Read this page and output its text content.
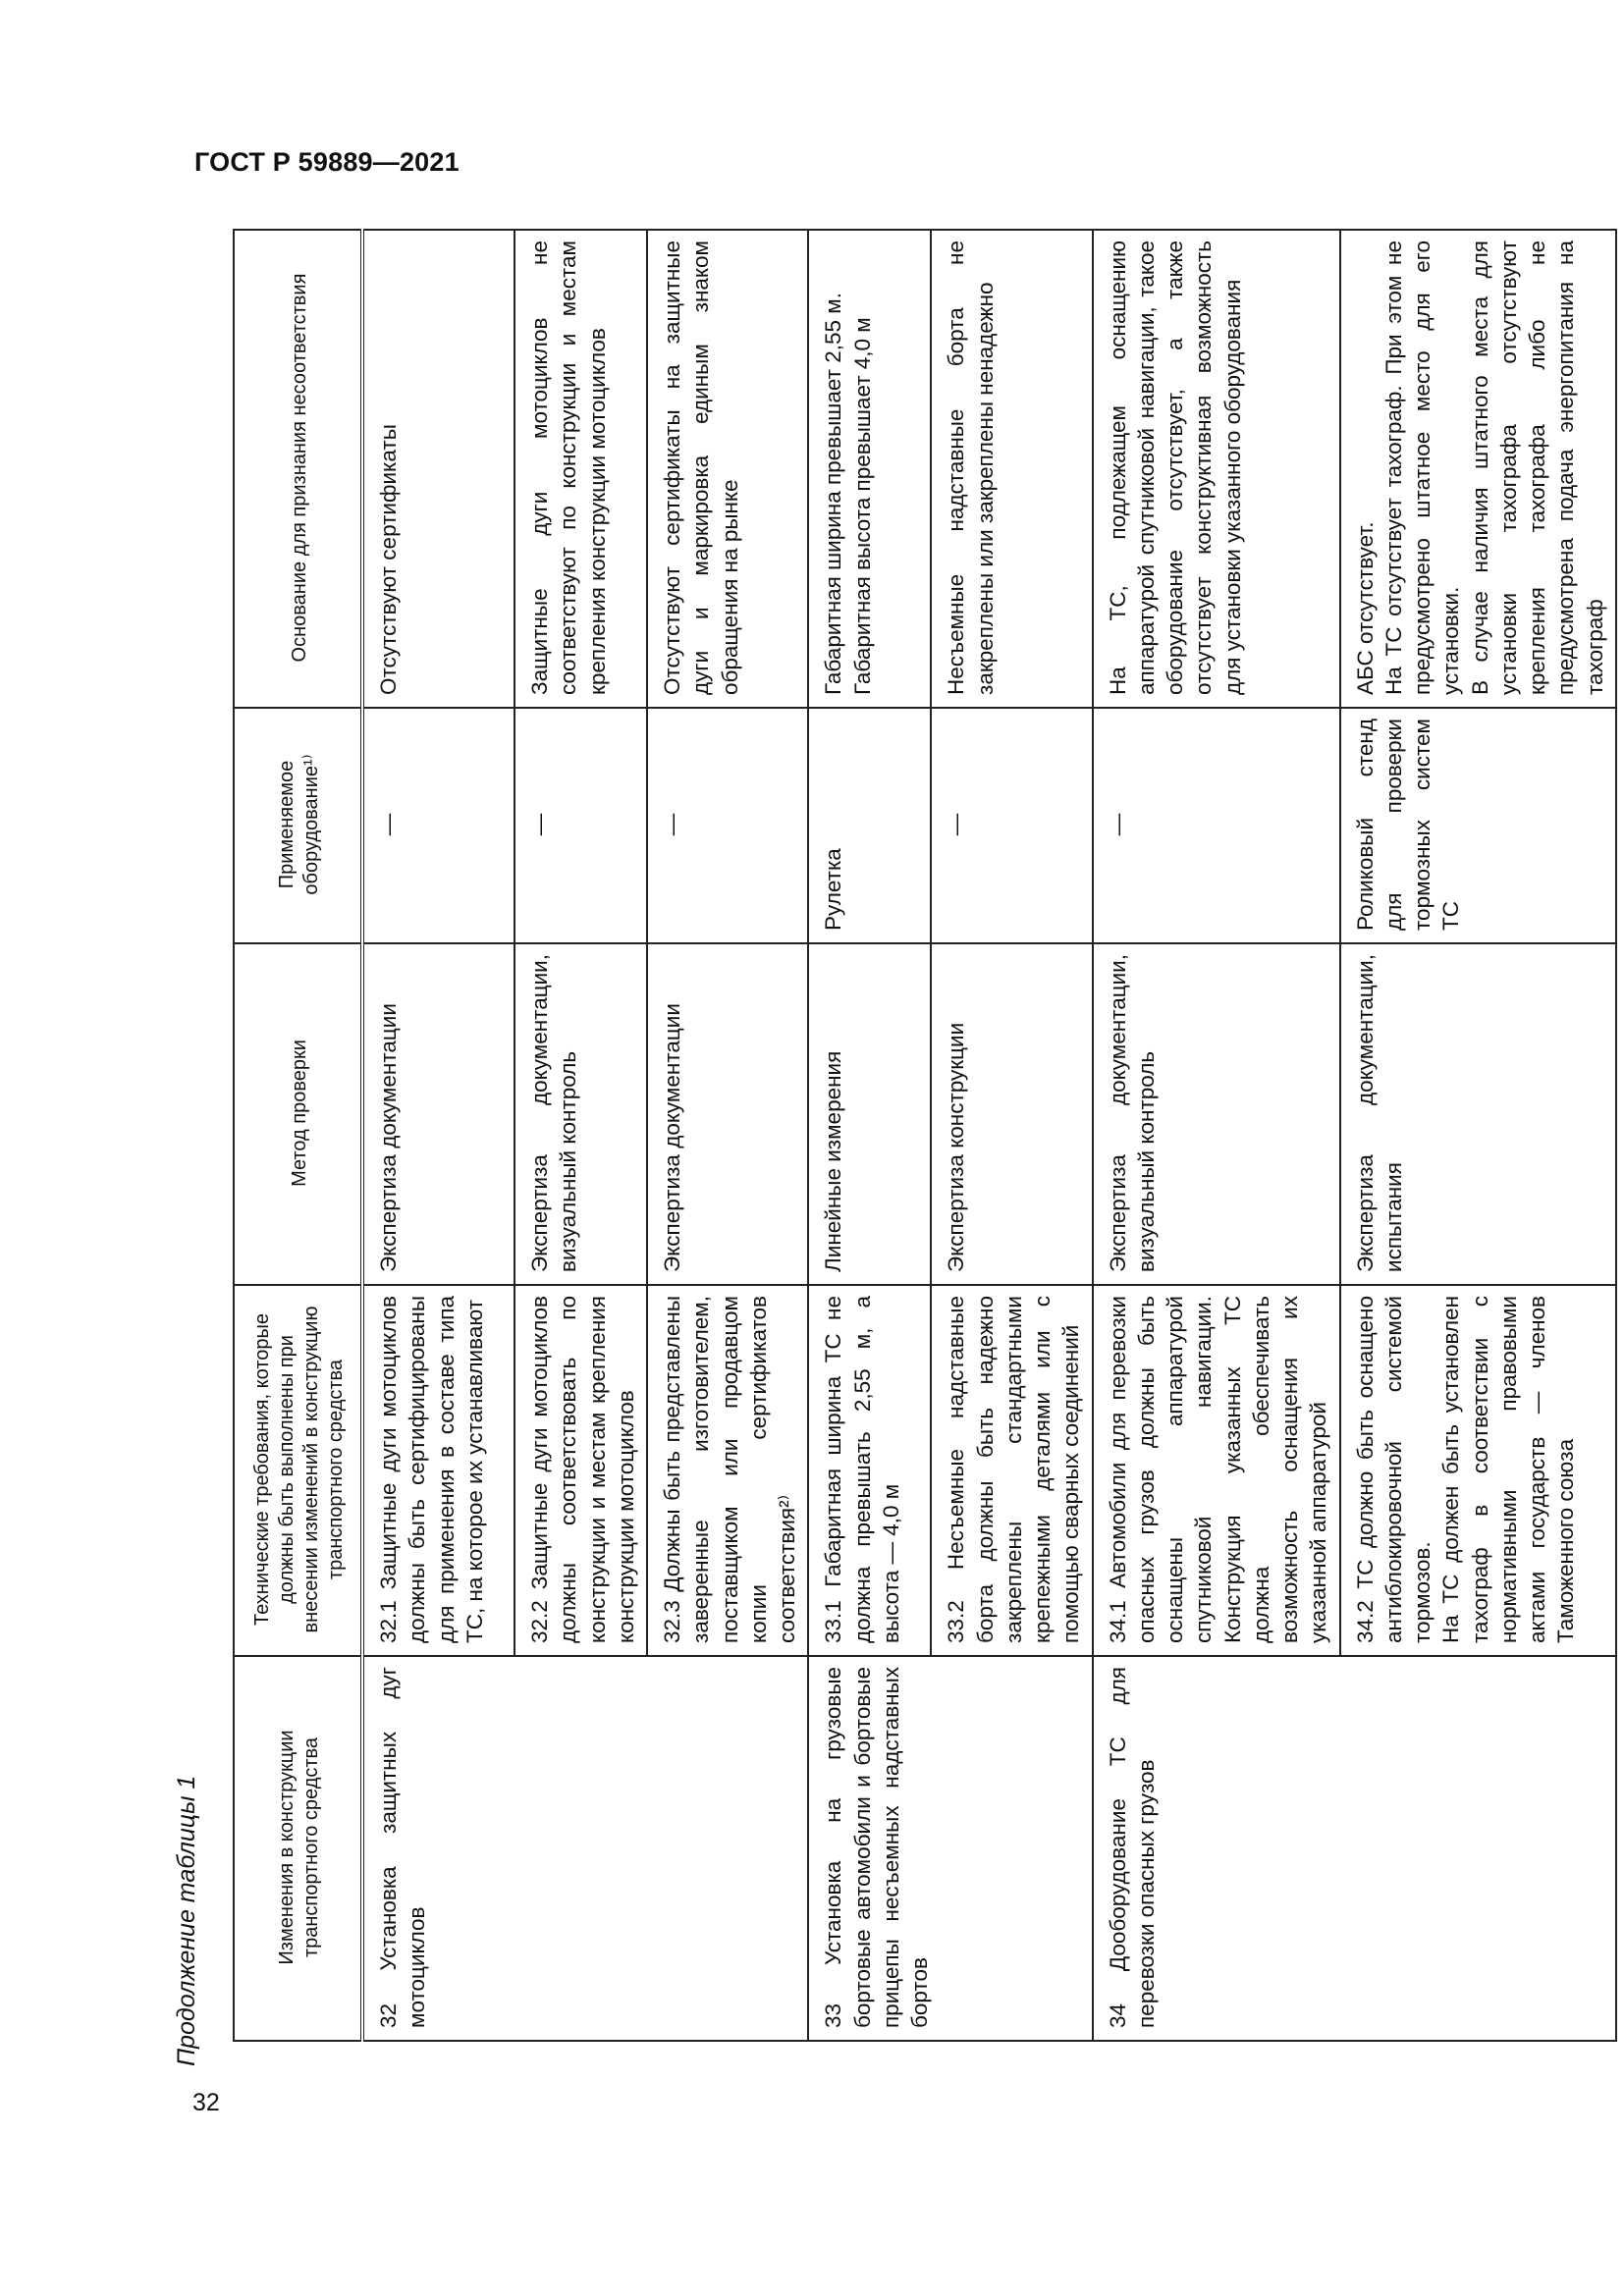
ГОСТ Р 59889—2021
Продолжение таблицы 1
32
Изменения в конструкции транспортного средства	Технические требования, которые должны быть выполнены при внесении изменений в конструкцию транспортного средства	Метод проверки	Применяемое оборудование¹⁾	Основание для признания несоответствия
32 Установка защитных дуг мотоциклов	32.1 Защитные дуги мотоциклов должны быть сертифицированы для применения в составе типа ТС, на которое их устанавливают	Экспертиза документации	—	Отсутствуют сертификаты
	32.2 Защитные дуги мотоциклов должны соответствовать по конструкции и местам крепления конструкции мотоциклов	Экспертиза документации, визуальный контроль	—	Защитные дуги мотоциклов не соответствуют по конструкции и местам крепления конструкции мотоциклов
	32.3 Должны быть представлены заверенные изготовителем, поставщиком или продавцом копии сертификатов соответствия²⁾	Экспертиза документации	—	Отсутствуют сертификаты на защитные дуги и маркировка единым знаком обращения на рынке
33 Установка на грузовые бортовые автомобили и бортовые прицепы несъемных надставных бортов	33.1 Габаритная ширина ТС не должна превышать 2,55 м, а высота — 4,0 м	Линейные измерения	Рулетка	Габаритная ширина превышает 2,55 м.
Габаритная высота превышает 4,0 м
	33.2 Несъемные надставные борта должны быть надежно закреплены стандартными крепежными деталями или с помощью сварных соединений	Экспертиза конструкции	—	Несъемные надставные борта не закреплены или закреплены ненадежно
34 Дооборудование ТС для перевозки опасных грузов	34.1 Автомобили для перевозки опасных грузов должны быть оснащены аппаратурой спутниковой навигации. Конструкция указанных ТС должна обеспечивать возможность оснащения их указанной аппаратурой	Экспертиза документации, визуальный контроль	—	На ТС, подлежащем оснащению аппаратурой спутниковой навигации, такое оборудование отсутствует, а также отсутствует конструктивная возможность для установки указанного оборудования
	34.2 ТС должно быть оснащено антиблокировочной системой тормозов.
На ТС должен быть установлен тахограф в соответствии с нормативными правовыми актами государств — членов Таможенного союза	Экспертиза документации, испытания	Роликовый стенд для проверки тормозных систем ТС	АБС отсутствует.
На ТС отсутствует тахограф. При этом не предусмотрено штатное место для его установки.
В случае наличия штатного места для установки тахографа отсутствуют крепления тахографа либо не предусмотрена подача энергопитания на тахограф
